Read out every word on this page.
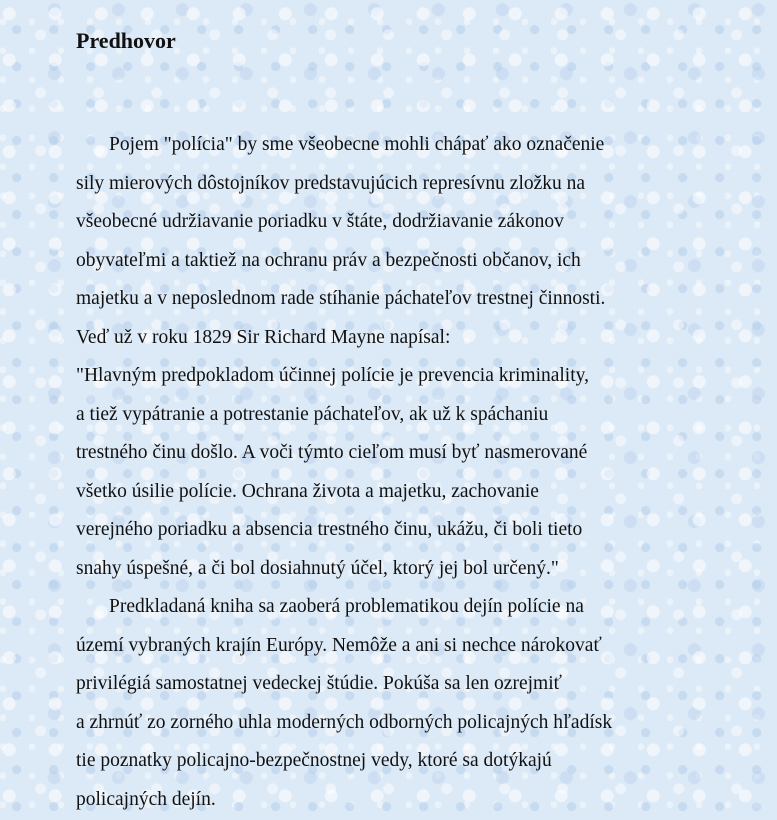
Predhovor
Pojem "polícia" by sme všeobecne mohli chápať ako označenie
sily mierových dôstojníkov predstavujúcich represívnu zložku na
všeobecné udržiavanie poriadku v štáte, dodržiavanie zákonov
obyvateľmi a taktiež na ochranu práv a bezpečnosti občanov, ich
majetku a v neposlednom rade stíhanie páchateľov trestnej činnosti.
Veď už v roku 1829 Sir Richard Mayne napísal:
"Hlavným predpokladom účinnej polície je prevencia kriminality,
a tiež vypátranie a potrestanie páchateľov, ak už k spáchaniu
trestného činu došlo. A voči týmto cieľom musí byť nasmerované
všetko úsilie polície. Ochrana života a majetku, zachovanie
verejného poriadku a absencia trestného činu, ukážu, či boli tieto
snahy úspešné, a či bol dosiahnutý účel, ktorý jej bol určený."
Predkladaná kniha sa zaoberá problematikou dejín polície na
území vybraných krajín Európy. Nemôže a ani si nechce nárokovať
privilégiá samostatnej vedeckej štúdie. Pokúša sa len ozrejmiť
a zhrnúť zo zorného uhla moderných odborných policajných hľadísk
tie poznatky policajno-bezpečnostnej vedy, ktoré sa dotýkajú
policajných dejín.
